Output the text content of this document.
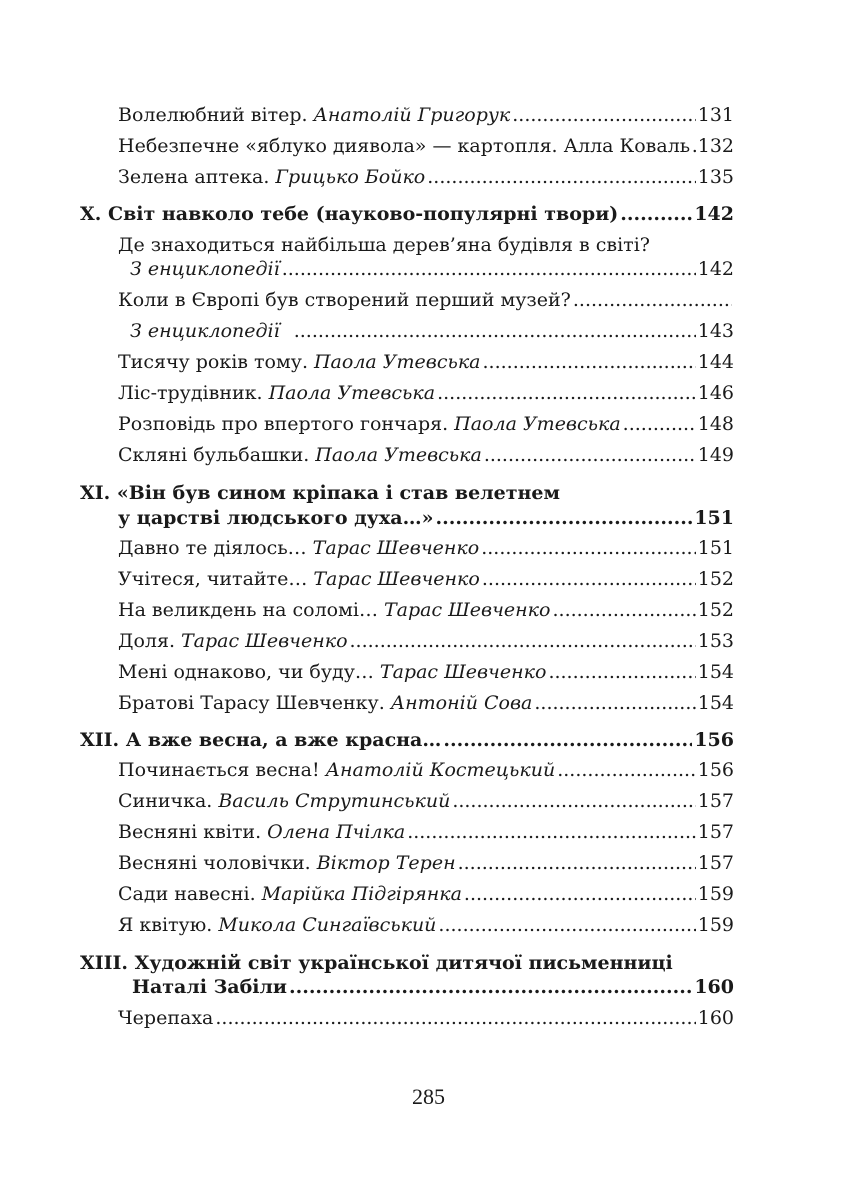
Волелюбний вітер. Анатолій Григорук .....	131
Небезпечне «яблуко диявола» — картопля. Алла Коваль .132
Зелена аптека. Грицько Бойко .....	135
X. Світ навколо тебе (науково-популярні твори) .....	142
Де знаходиться найбільша дерев’яна будівля в світі?
З енциклопедії .....	142
Коли в Європі був створений перший музей?
.....
З енциклопедії .....	143
Тисячу років тому. Паола Утевська .....	144
Ліс-трудівник. Паола Утевська .....	146
Розповідь про впертого гончаря. Паола Утевська .....	148
Скляні бульбашки. Паола Утевська .....	149
XI. «Він був сином кріпака і став велетнем
у царстві людського духа…» .....	151
Давно те діялось… Тарас Шевченко .....	151
Учітеся, читайте… Тарас Шевченко .....	152
На великдень на соломі… Тарас Шевченко .....	152
Доля. Тарас Шевченко .....	153
Мені однаково, чи буду… Тарас Шевченко .....	154
Братові Тарасу Шевченку. Антоній Сова .....	154
XII. А вже весна, а вже красна… .....	156
Починається весна! Анатолій Костецький .....	156
Синичка. Василь Струтинський .....	157
Весняні квіти. Олена Пчілка .....	157
Весняні чоловічки. Віктор Терен .....	157
Сади навесні. Марійка Підгірянка .....	159
Я квітую. Микола Сингаївський .....	159
XIII. Художній світ української дитячої письменниці
Наталі Забіли .....	160
Черепаха .....	160
285
